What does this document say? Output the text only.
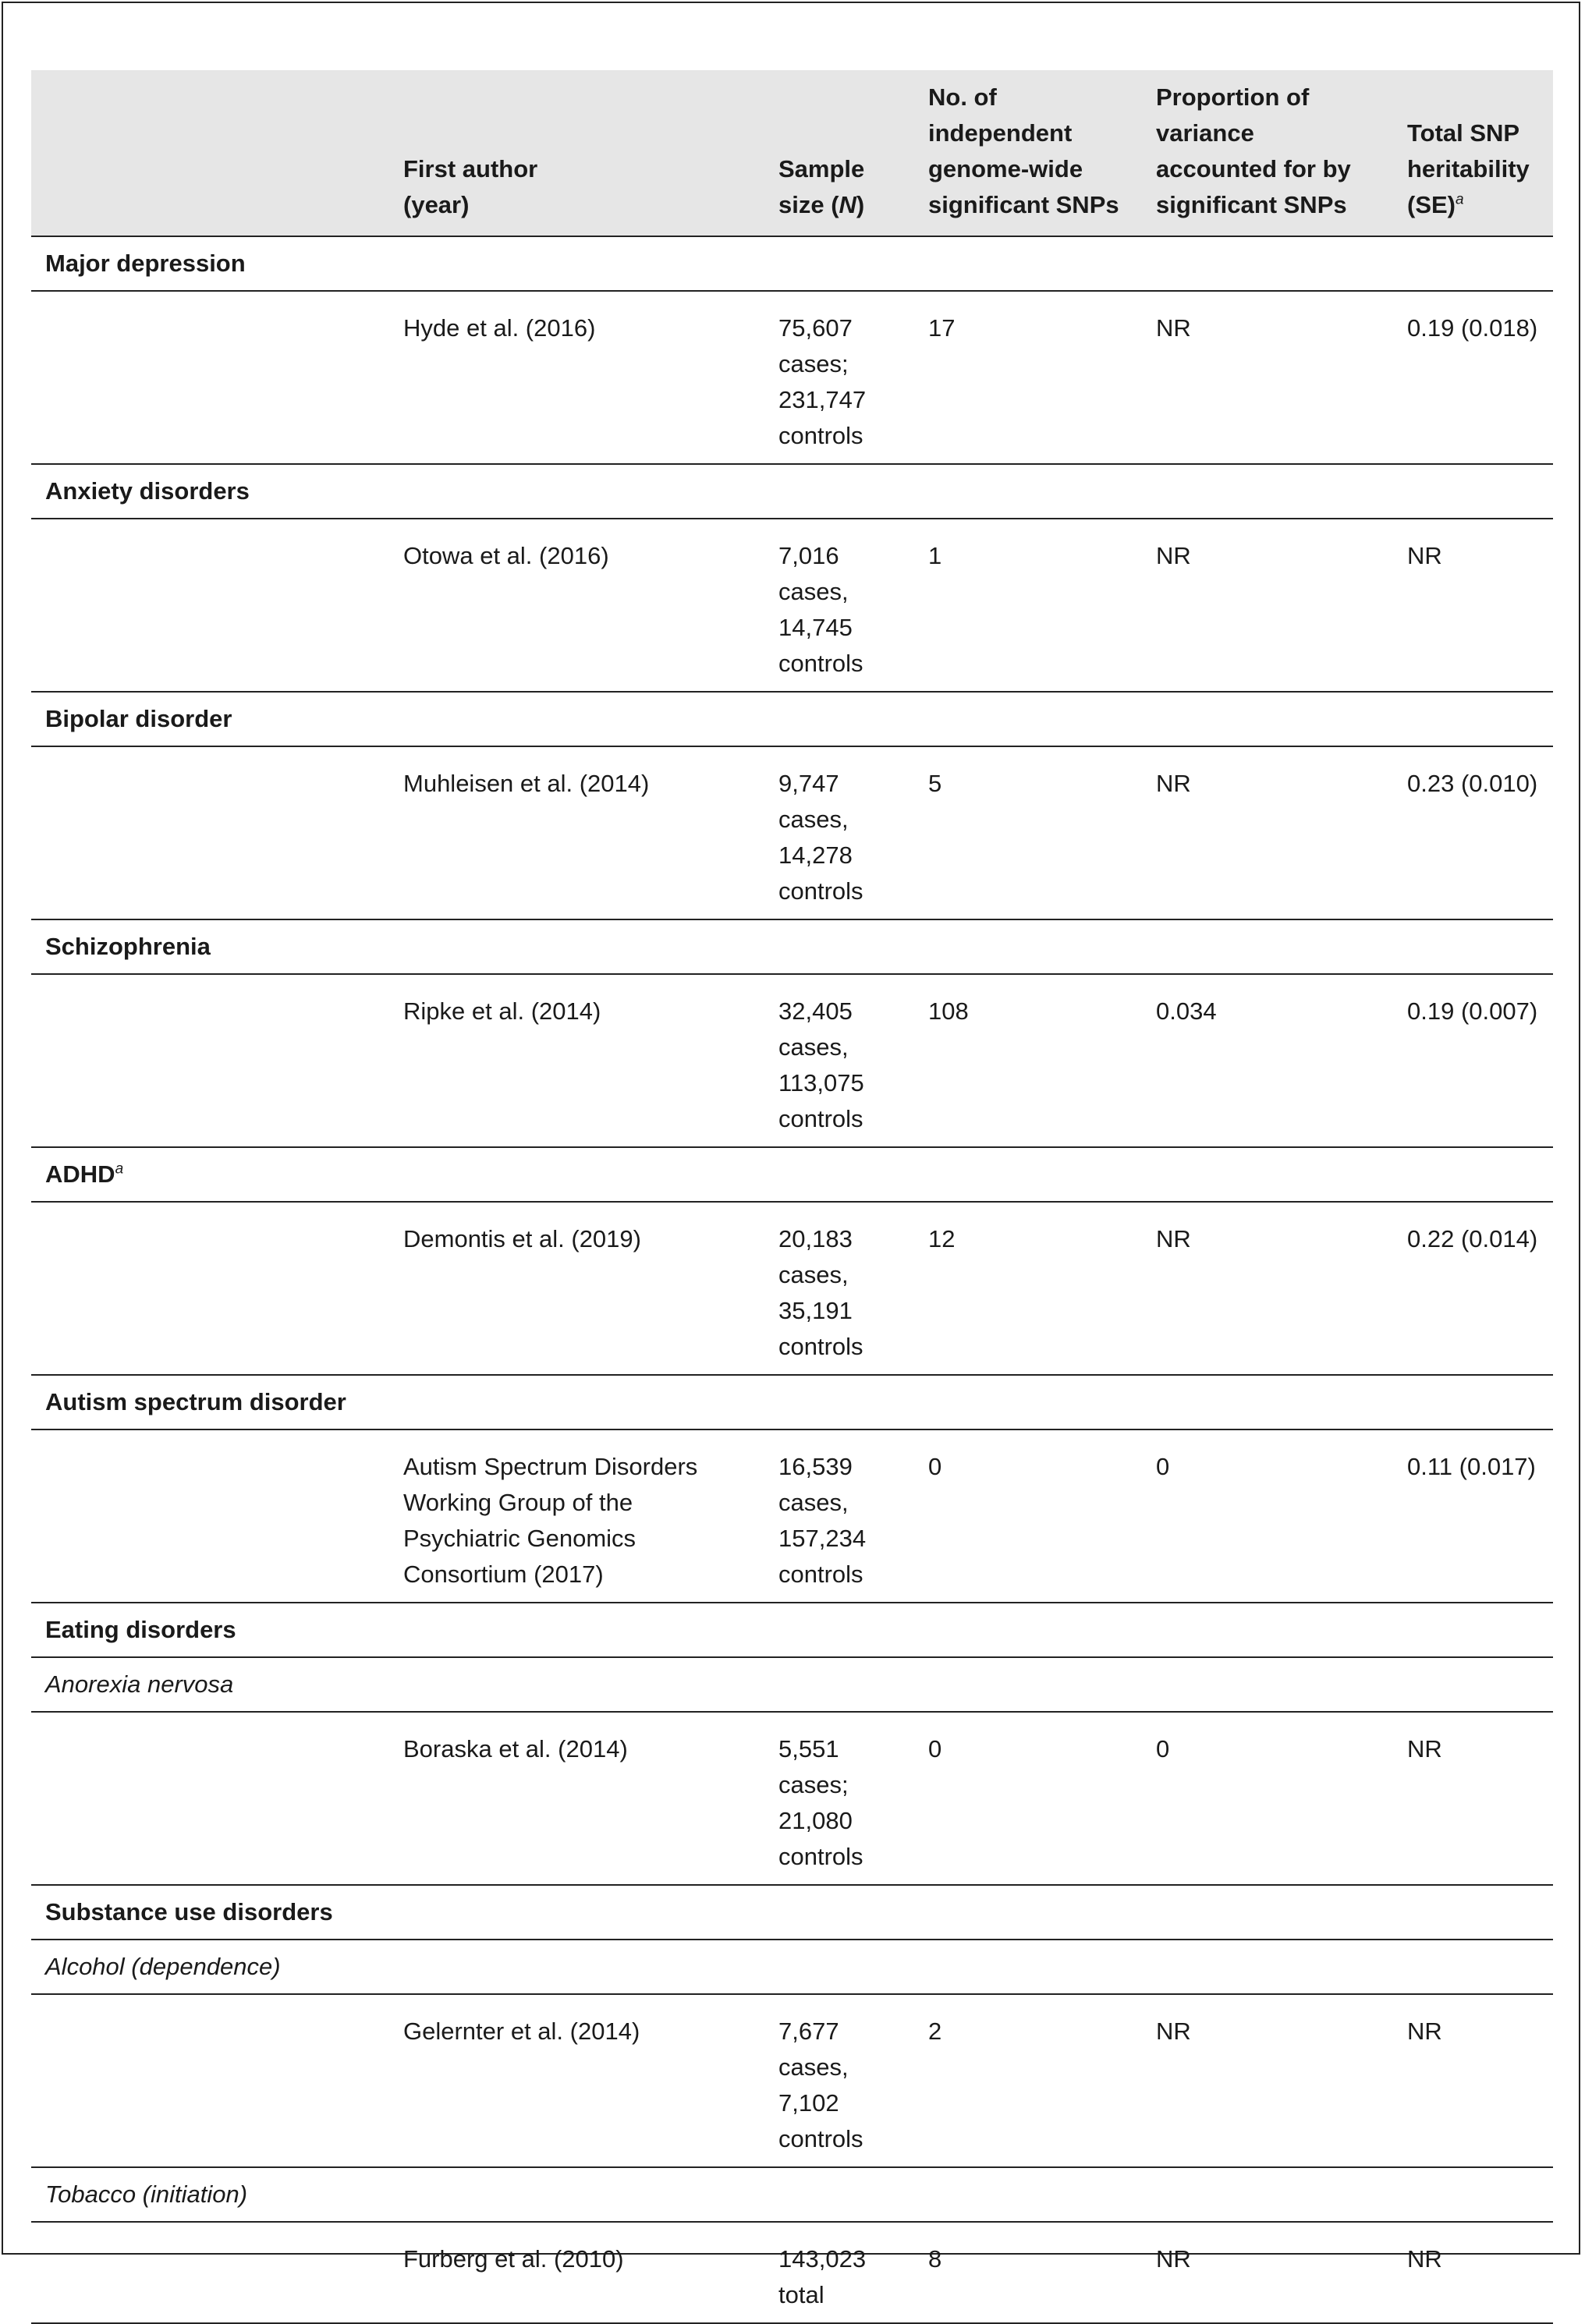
	First author
(year)	Sample
size (N)	No. of
independent
genome-wide
significant SNPs	Proportion of
variance
accounted for by
significant SNPs	Total SNP
heritability
(SE)$^a$

Major depression					

	Hyde et al. (2016)	75,607
cases;
231,747
controls	17	NR	0.19 (0.018)
Anxiety disorders					

	Otowa et al. (2016)	7,016
cases,
14,745
controls	1	NR	NR
Bipolar disorder					

	Muhleisen et al. (2014)	9,747
cases,
14,278
controls	5	NR	0.23 (0.010)
Schizophrenia					

	Ripke et al. (2014)	32,405
cases,
113,075
controls	108	0.034	0.19 (0.007)
ADHD$^a$

	Demontis et al. (2019)	20,183
cases,
35,191
controls	12	NR	0.22 (0.014)
Autism spectrum disorder					

	Autism Spectrum Disorders
Working Group of the
Psychiatric Genomics
Consortium (2017)	16,539
cases,
157,234
controls	0	0	0.11 (0.017)
Eating disorders					
Anorexia nervosa					

	Boraska et al. (2014)	5,551
cases;
21,080
controls	0	0	NR
Substance use disorders					
Alcohol (dependence)					

	Gelernter et al. (2014)	7,677
cases,
7,102
controls	2	NR	NR
Tobacco (initiation)					

	Furberg et al. (2010)	143,023
total	8	NR	NR
